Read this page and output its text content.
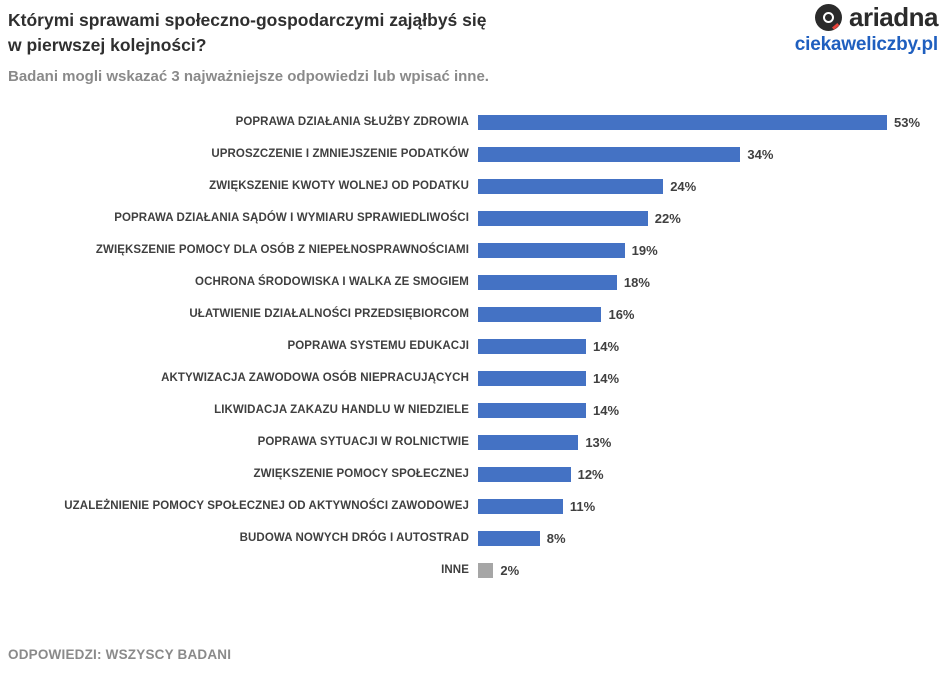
Którymi sprawami społeczno-gospodarczymi zająłbyś się
w pierwszej kolejności?
Badani mogli wskazać 3 najważniejsze odpowiedzi lub wpisać inne.
ariadna
ciekaweliczby.pl
POPRAWA DZIAŁANIA SŁUŻBY ZDROWIA	53%
UPROSZCZENIE I ZMNIEJSZENIE PODATKÓW	34%
ZWIĘKSZENIE KWOTY WOLNEJ OD PODATKU	24%
POPRAWA DZIAŁANIA SĄDÓW I WYMIARU SPRAWIEDLIWOŚCI	22%
ZWIĘKSZENIE POMOCY DLA OSÓB Z NIEPEŁNOSPRAWNOŚCIAMI	19%
OCHRONA ŚRODOWISKA I WALKA ZE SMOGIEM	18%
UŁATWIENIE DZIAŁALNOŚCI PRZEDSIĘBIORCOM	16%
POPRAWA SYSTEMU EDUKACJI	14%
AKTYWIZACJA ZAWODOWA OSÓB NIEPRACUJĄCYCH	14%
LIKWIDACJA ZAKAZU HANDLU W NIEDZIELE	14%
POPRAWA SYTUACJI W ROLNICTWIE	13%
ZWIĘKSZENIE POMOCY SPOŁECZNEJ	12%
UZALEŻNIENIE POMOCY SPOŁECZNEJ OD AKTYWNOŚCI ZAWODOWEJ	11%
BUDOWA NOWYCH DRÓG I AUTOSTRAD	8%
INNE	2%
ODPOWIEDZI: WSZYSCY BADANI
